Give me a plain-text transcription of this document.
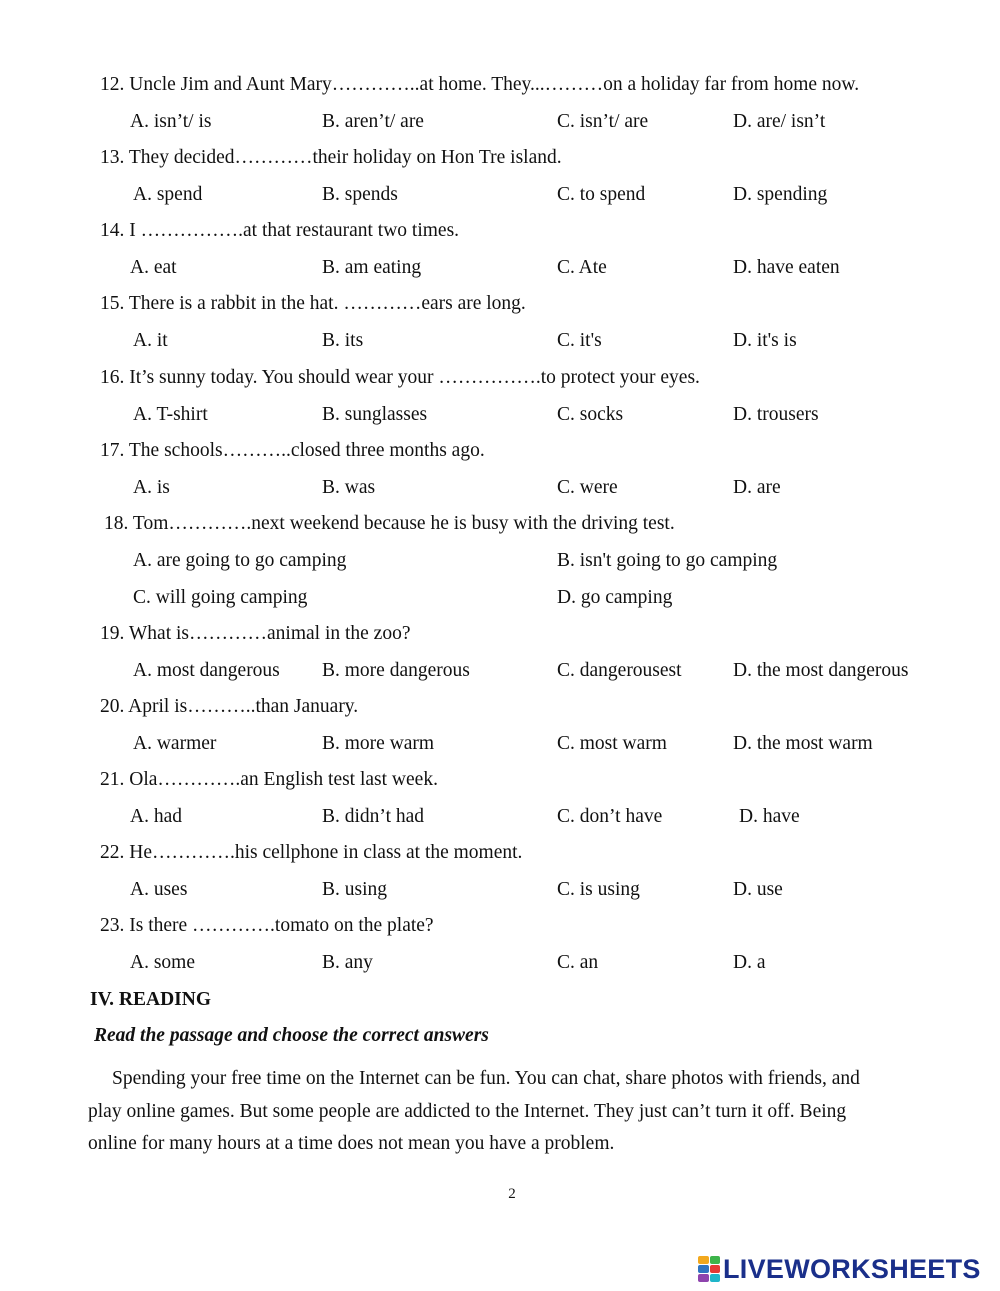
12. Uncle Jim and Aunt Mary…………..at home. They...………on a holiday far from home now.
A. isn’t/ is	B. aren’t/ are	C. isn’t/ are	D. are/ isn’t
13. They decided…………their holiday on Hon Tre island.
A. spend	B. spends	C. to spend	D. spending
14. I …………….at that restaurant two times.
A. eat	B. am eating	C. Ate	D. have eaten
15. There is a rabbit in the hat. …………ears are long.
A. it	B. its	C. it's	D. it's is
16. It’s sunny today. You should wear your …………….to protect your eyes.
A. T-shirt	B. sunglasses	C. socks	D. trousers
17. The schools………..closed three months ago.
A. is	B. was	C. were	D. are
18. Tom………….next weekend because he is busy with the driving test.
A. are going to go camping	B. isn't going to go camping
C. will going camping	D. go camping
19. What is…………animal in the zoo?
A. most dangerous B. more dangerous	C. dangerousest	D. the most dangerous
20. April is………..than January.
A. warmer	B. more warm	C. most warm	D. the most warm
21. Ola………….an English test last week.
A. had	B. didn’t had	C. don’t have	D. have
22. He………….his cellphone in class at the moment.
A. uses	B. using	C. is using	D. use
23. Is there ………….tomato on the plate?
A. some	B. any	C. an	D. a
IV. READING
Read the passage and choose the correct answers

Spending your free time on the Internet can be fun. You can chat, share photos with friends, and

play online games. But some people are addicted to the Internet. They just can’t turn it off. Being

online for many hours at a time does not mean you have a problem.

2
LIVEWORKSHEETS
